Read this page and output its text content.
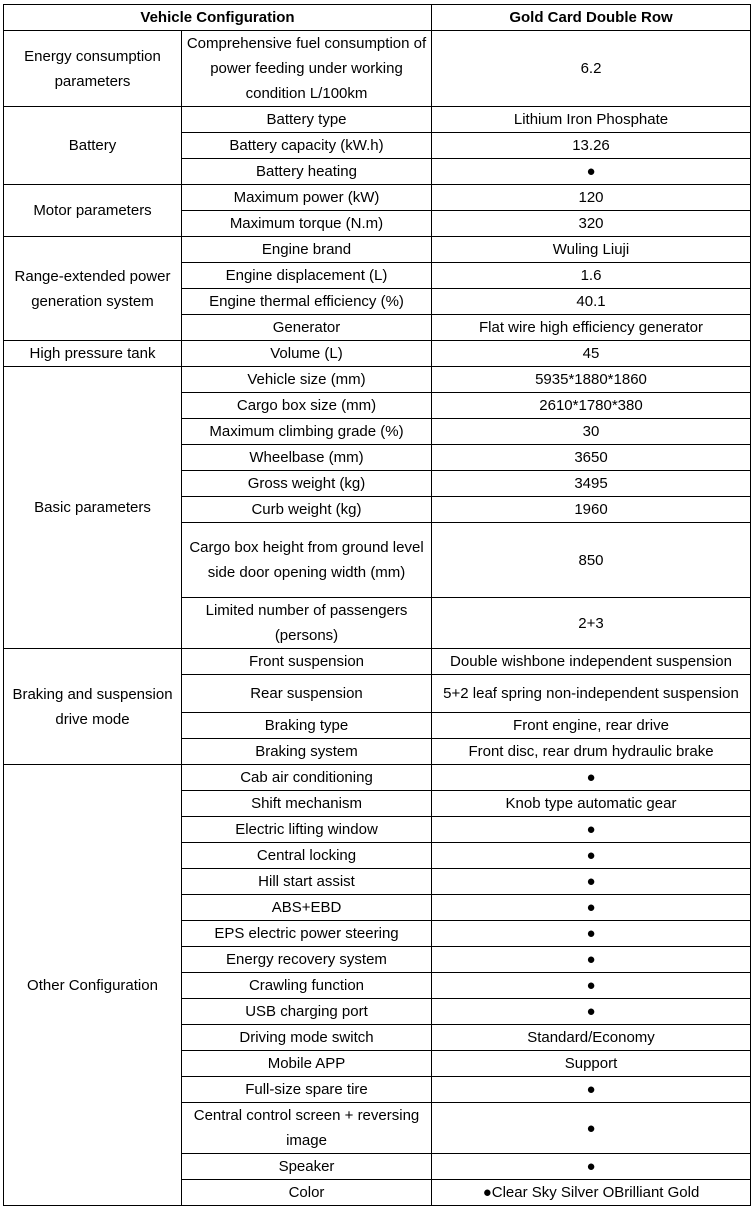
Vehicle Configuration		Gold Card Double Row
Energy consumption parameters	Comprehensive fuel consumption of power feeding under working condition L/100km	6.2
Battery	Battery type	Lithium Iron Phosphate
	Battery capacity (kW.h)	13.26
	Battery heating	●
Motor parameters	Maximum power (kW)	120
	Maximum torque (N.m)	320
Range-extended power generation system	Engine brand	Wuling Liuji
	Engine displacement (L)	1.6
	Engine thermal efficiency (%)	40.1
	Generator	Flat wire high efficiency generator
High pressure tank	Volume (L)	45
Basic parameters	Vehicle size (mm)	5935*1880*1860
	Cargo box size (mm)	2610*1780*380
	Maximum climbing grade (%)	30
	Wheelbase (mm)	3650
	Gross weight (kg)	3495
	Curb weight (kg)	1960
	Cargo box height from ground level side door opening width (mm)	850
	Limited number of passengers (persons)	2+3
Braking and suspension drive mode	Front suspension	Double wishbone independent suspension
	Rear suspension	5+2 leaf spring non-independent suspension
	Braking type	Front engine, rear drive
	Braking system	Front disc, rear drum hydraulic brake
Other Configuration	Cab air conditioning	●
	Shift mechanism	Knob type automatic gear
	Electric lifting window	●
	Central locking	●
	Hill start assist	●
	ABS+EBD	●
	EPS electric power steering	●
	Energy recovery system	●
	Crawling function	●
	USB charging port	●
	Driving mode switch	Standard/Economy
	Mobile APP	Support
	Full-size spare tire	●
	Central control screen + reversing image	●
	Speaker	●
	Color	●Clear Sky Silver OBrilliant Gold
